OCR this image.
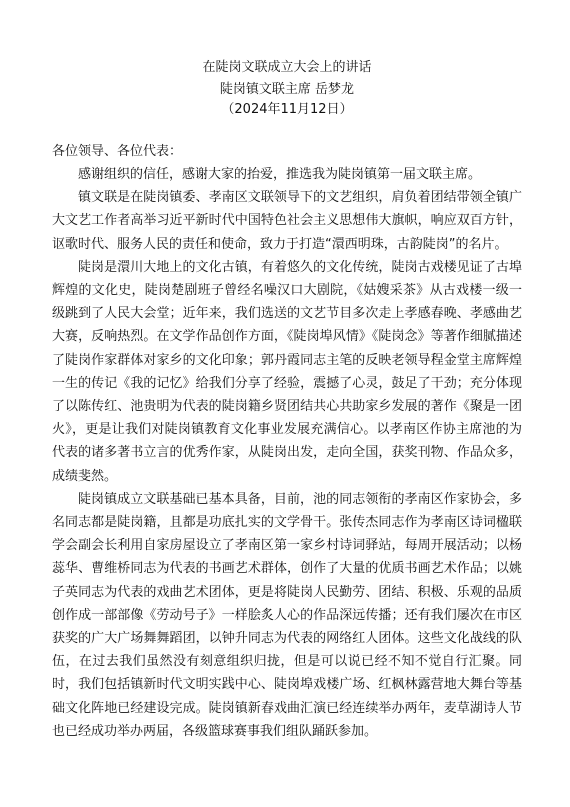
在陡岗文联成立大会上的讲话

陡岗镇文联主席 岳梦龙

（2024年11月12日）

各位领导、各位代表：

感谢组织的信任，感谢大家的抬爱，推选我为陡岗镇第一届文联主席。

镇文联是在陡岗镇委、孝南区文联领导下的文艺组织，肩负着团结带领全镇广大文艺工作者高举习近平新时代中国特色社会主义思想伟大旗帜，响应双百方针，讴歌时代、服务人民的责任和使命，致力于打造“澴西明珠，古韵陡岗”的名片。

陡岗是澴川大地上的文化古镇，有着悠久的文化传统，陡岗古戏楼见证了古埠辉煌的文化史，陡岗楚剧班子曾经名噪汉口大剧院，《姑嫂采茶》从古戏楼一级一级跳到了人民大会堂；近年来，我们选送的文艺节目多次走上孝感春晚、孝感曲艺大赛，反响热烈。在文学作品创作方面，《陡岗埠风情》《陡岗念》等著作细腻描述了陡岗作家群体对家乡的文化印象；郭丹霞同志主笔的反映老领导程金堂主席辉煌一生的传记《我的记忆》给我们分享了经验，震撼了心灵，鼓足了干劲；充分体现了以陈传红、池贵明为代表的陡岗籍乡贤团结共心共助家乡发展的著作《聚是一团火》，更是让我们对陡岗镇教育文化事业发展充满信心。以孝南区作协主席池的为代表的诸多著书立言的优秀作家，从陡岗出发，走向全国，获奖刊物、作品众多，成绩斐然。

陡岗镇成立文联基础已基本具备，目前，池的同志领衔的孝南区作家协会，多名同志都是陡岗籍，且都是功底扎实的文学骨干。张传杰同志作为孝南区诗词楹联学会副会长利用自家房屋设立了孝南区第一家乡村诗词驿站，每周开展活动；以杨蕊华、曹维桥同志为代表的书画艺术群体，创作了大量的优质书画艺术作品；以姚子英同志为代表的戏曲艺术团体，更是将陡岗人民勤劳、团结、积极、乐观的品质创作成一部部像《劳动号子》一样脍炙人心的作品深远传播；还有我们屡次在市区获奖的广大广场舞舞蹈团，以钟升同志为代表的网络红人团体。这些文化战线的队伍，在过去我们虽然没有刻意组织归拢，但是可以说已经不知不觉自行汇聚。同时，我们包括镇新时代文明实践中心、陡岗埠戏楼广场、红枫林露营地大舞台等基础文化阵地已经建设完成。陡岗镇新春戏曲汇演已经连续举办两年，麦草湖诗人节也已经成功举办两届，各级篮球赛事我们组队踊跃参加。
